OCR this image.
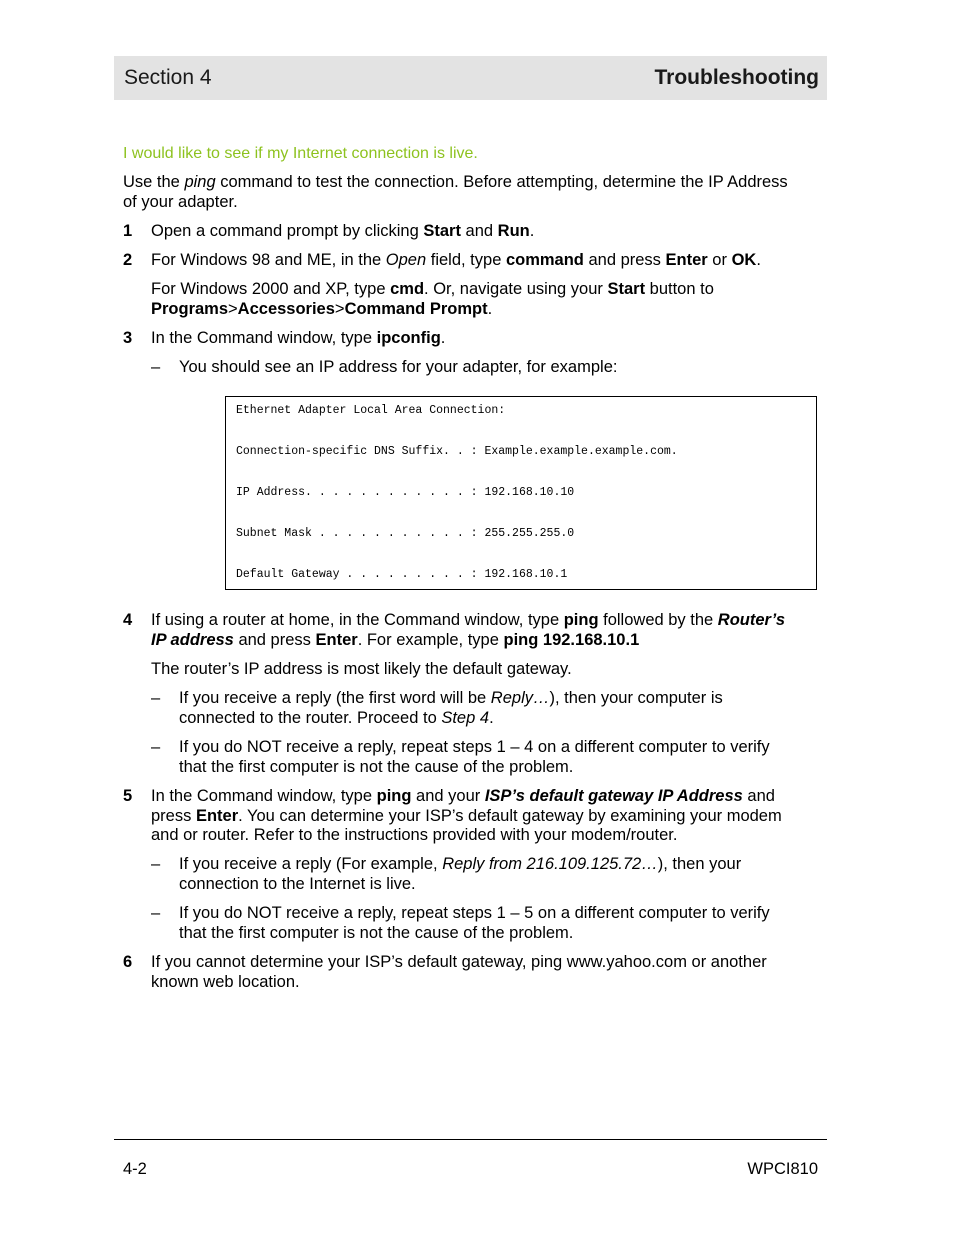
Section 4	Troubleshooting
I would like to see if my Internet connection is live.

Use the ping command to test the connection. Before attempting, determine the IP Address
of your adapter.

1 Open a command prompt by clicking Start and Run.

2 For Windows 98 and ME, in the Open field, type command and press Enter or OK.

For Windows 2000 and XP, type cmd. Or, navigate using your Start button to
Programs>Accessories>Command Prompt.

3 In the Command window, type ipconfig.

– You should see an IP address for your adapter, for example:

Ethernet Adapter Local Area Connection:
Connection-specific DNS Suffix. . : Example.example.example.com.
IP Address. . . . . . . . . . . . : 192.168.10.10
Subnet Mask . . . . . . . . . . . : 255.255.255.0
Default Gateway . . . . . . . . . : 192.168.10.1
4 If using a router at home, in the Command window, type ping followed by the Router’s
IP address and press Enter. For example, type ping 192.168.10.1

The router’s IP address is most likely the default gateway.

– If you receive a reply (the first word will be Reply…), then your computer is
connected to the router. Proceed to Step 4.

– If you do NOT receive a reply, repeat steps 1 – 4 on a different computer to verify
that the first computer is not the cause of the problem.

5 In the Command window, type ping and your ISP’s default gateway IP Address and
press Enter. You can determine your ISP’s default gateway by examining your modem
and or router. Refer to the instructions provided with your modem/router.

– If you receive a reply (For example, Reply from 216.109.125.72…), then your
connection to the Internet is live.

– If you do NOT receive a reply, repeat steps 1 – 5 on a different computer to verify
that the first computer is not the cause of the problem.

6 If you cannot determine your ISP’s default gateway, ping www.yahoo.com or another
known web location.

4-2	WPCI810
